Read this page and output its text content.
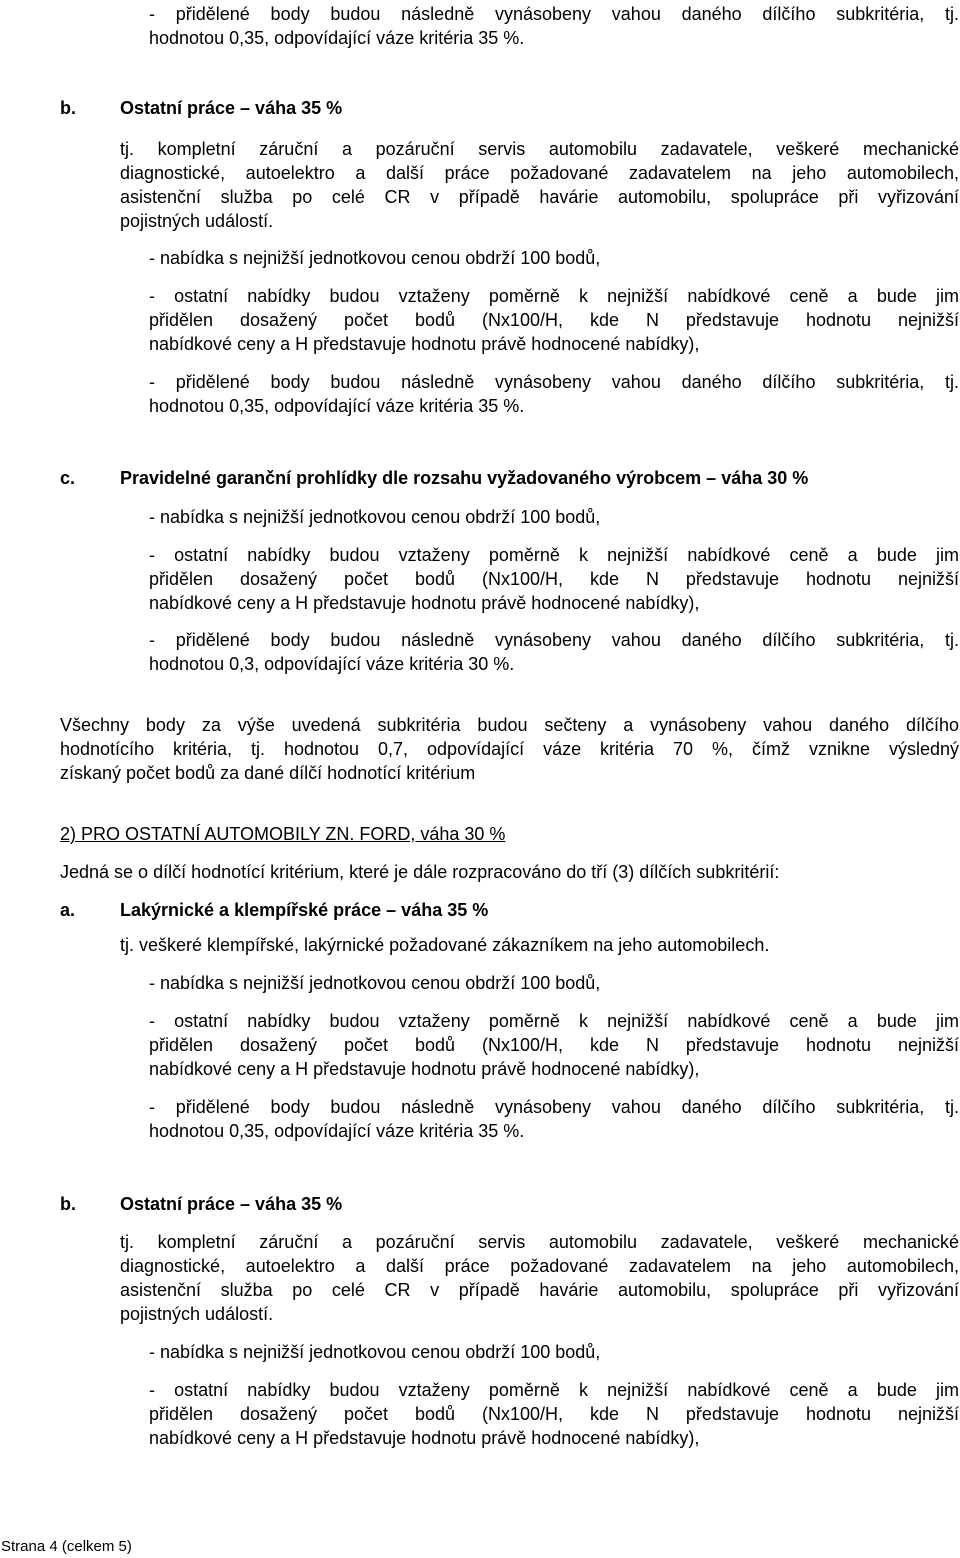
- přidělené body budou následně vynásobeny vahou daného dílčího subkritéria, tj.

hodnotou 0,35, odpovídající váze kritéria 35 %.

b. Ostatní práce – váha 35 %

tj. kompletní záruční a pozáruční servis automobilu zadavatele, veškeré mechanické

diagnostické, autoelektro a další práce požadované zadavatelem na jeho automobilech,

asistenční služba po celé CR v případě havárie automobilu, spolupráce při vyřizování

pojistných událostí.

- nabídka s nejnižší jednotkovou cenou obdrží 100 bodů,

- ostatní nabídky budou vztaženy poměrně k nejnižší nabídkové ceně a bude jim

přidělen dosažený počet bodů (Nx100/H, kde N představuje hodnotu nejnižší

nabídkové ceny a H představuje hodnotu právě hodnocené nabídky),

- přidělené body budou následně vynásobeny vahou daného dílčího subkritéria, tj.

hodnotou 0,35, odpovídající váze kritéria 35 %.

c. Pravidelné garanční prohlídky dle rozsahu vyžadovaného výrobcem – váha 30 %

- nabídka s nejnižší jednotkovou cenou obdrží 100 bodů,

- ostatní nabídky budou vztaženy poměrně k nejnižší nabídkové ceně a bude jim

přidělen dosažený počet bodů (Nx100/H, kde N představuje hodnotu nejnižší

nabídkové ceny a H představuje hodnotu právě hodnocené nabídky),

- přidělené body budou následně vynásobeny vahou daného dílčího subkritéria, tj.

hodnotou 0,3, odpovídající váze kritéria 30 %.

Všechny body za výše uvedená subkritéria budou sečteny a vynásobeny vahou daného dílčího

hodnotícího kritéria, tj. hodnotou 0,7, odpovídající váze kritéria 70 %, čímž vznikne výsledný

získaný počet bodů za dané dílčí hodnotící kritérium

2) PRO OSTATNÍ AUTOMOBILY ZN. FORD, váha 30 %

Jedná se o dílčí hodnotící kritérium, které je dále rozpracováno do tří (3) dílčích subkritérií:

a. Lakýrnické a klempířské práce – váha 35 %

tj. veškeré klempířské, lakýrnické požadované zákazníkem na jeho automobilech.

- nabídka s nejnižší jednotkovou cenou obdrží 100 bodů,

- ostatní nabídky budou vztaženy poměrně k nejnižší nabídkové ceně a bude jim

přidělen dosažený počet bodů (Nx100/H, kde N představuje hodnotu nejnižší

nabídkové ceny a H představuje hodnotu právě hodnocené nabídky),

- přidělené body budou následně vynásobeny vahou daného dílčího subkritéria, tj.

hodnotou 0,35, odpovídající váze kritéria 35 %.

b. Ostatní práce – váha 35 %

tj. kompletní záruční a pozáruční servis automobilu zadavatele, veškeré mechanické

diagnostické, autoelektro a další práce požadované zadavatelem na jeho automobilech,

asistenční služba po celé CR v případě havárie automobilu, spolupráce při vyřizování

pojistných událostí.

- nabídka s nejnižší jednotkovou cenou obdrží 100 bodů,

- ostatní nabídky budou vztaženy poměrně k nejnižší nabídkové ceně a bude jim

přidělen dosažený počet bodů (Nx100/H, kde N představuje hodnotu nejnižší

nabídkové ceny a H představuje hodnotu právě hodnocené nabídky),

Strana 4 (celkem 5)
